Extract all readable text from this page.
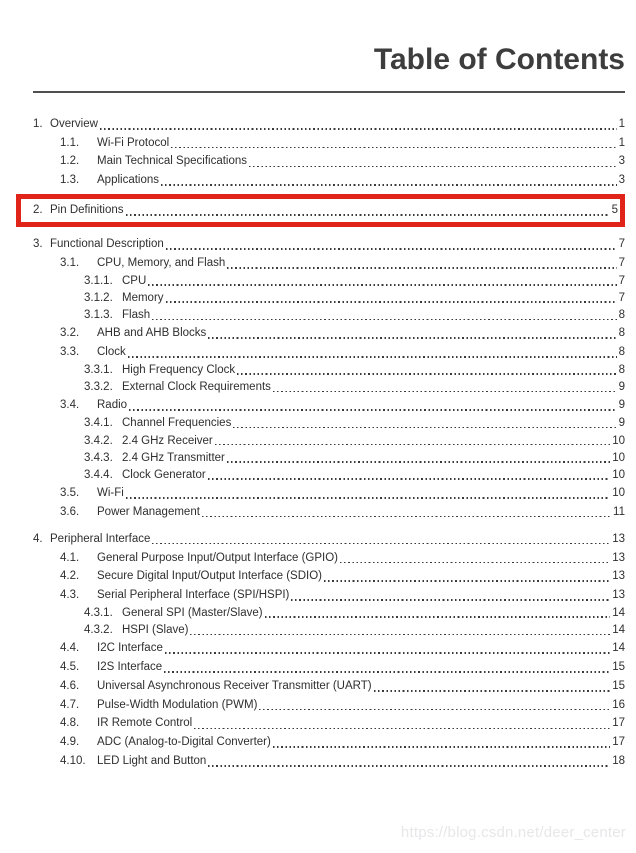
Table of Contents
1. Overview	1
1.1.	Wi-Fi Protocol	1
1.2.	Main Technical Specifications	3
1.3.	Applications	3
2. Pin Definitions	5
3. Functional Description	7
3.1.	CPU, Memory, and Flash	7
3.1.1. CPU	7
3.1.2. Memory	7
3.1.3. Flash	8
3.2.	AHB and AHB Blocks	8
3.3.	Clock	8
3.3.1. High Frequency Clock	8
3.3.2. External Clock Requirements	9
3.4.	Radio	9
3.4.1. Channel Frequencies	9
3.4.2. 2.4 GHz Receiver	10
3.4.3. 2.4 GHz Transmitter	10
3.4.4. Clock Generator	10
3.5.	Wi-Fi	10
3.6.	Power Management	11
4. Peripheral Interface	13
4.1.	General Purpose Input/Output Interface (GPIO)	13
4.2.	Secure Digital Input/Output Interface (SDIO)	13
4.3.	Serial Peripheral Interface (SPI/HSPI)	13
4.3.1. General SPI (Master/Slave)	14
4.3.2. HSPI (Slave)	14
4.4.	I2C Interface	14
4.5.	I2S Interface	15
4.6.	Universal Asynchronous Receiver Transmitter (UART)	15
4.7.	Pulse-Width Modulation (PWM)	16
4.8.	IR Remote Control	17
4.9.	ADC (Analog-to-Digital Converter)	17
4.10. LED Light and Button	18
https://blog.csdn.net/deer_center
